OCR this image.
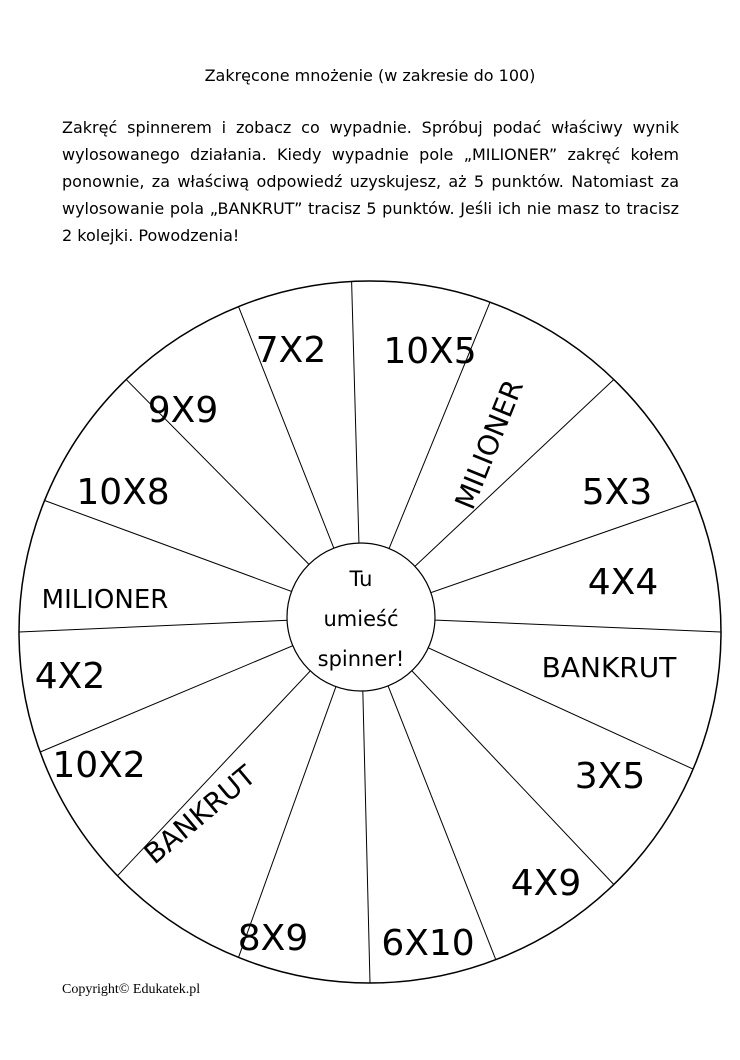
Zakręcone mnożenie (w zakresie do 100)

Zakręć spinnerem i zobacz co wypadnie. Spróbuj podać właściwy wynik wylosowanego działania. Kiedy wypadnie pole „MILIONER” zakręć kołem ponownie, za właściwą odpowiedź uzyskujesz, aż 5 punktów. Natomiast za wylosowanie pola „BANKRUT” tracisz 5 punktów. Jeśli ich nie masz to tracisz 2 kolejki. Powodzenia!

10X5
MILIONER 5X3
4X4
BANKRUT
3X5
4X9
6X10
8X9
BANKRUT
10X2
4X2
MILIONER
10X8
9X9
7X2
Tu
umieść
spinner!
Copyright© Edukatek.pl
